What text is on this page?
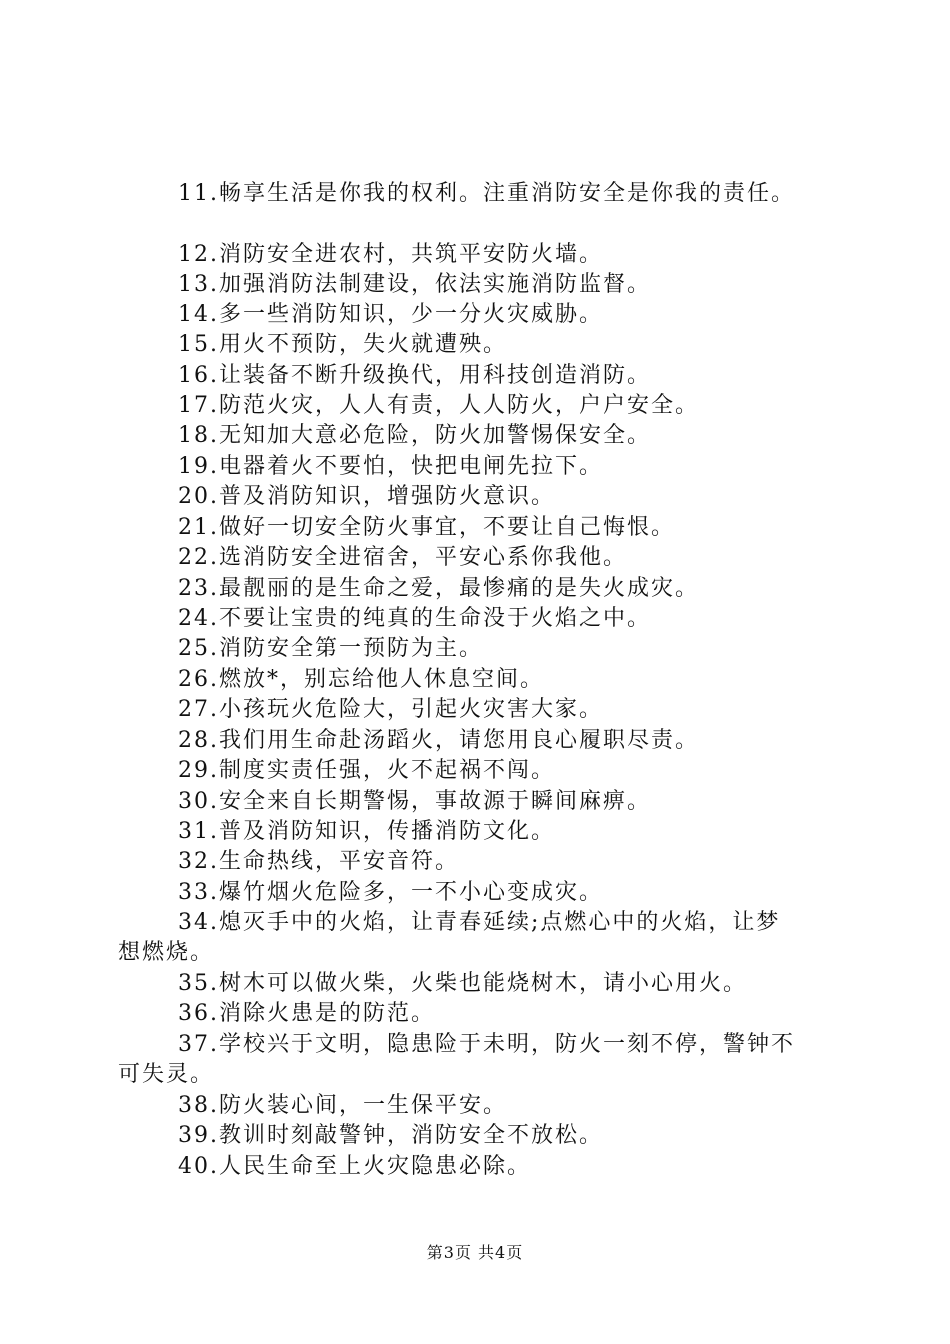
11.畅享生活是你我的权利。注重消防安全是你我的责任。
12.消防安全进农村，共筑平安防火墙。
13.加强消防法制建设，依法实施消防监督。
14.多一些消防知识，少一分火灾威胁。
15.用火不预防，失火就遭殃。
16.让装备不断升级换代，用科技创造消防。
17.防范火灾，人人有责，人人防火，户户安全。
18.无知加大意必危险，防火加警惕保安全。
19.电器着火不要怕，快把电闸先拉下。
20.普及消防知识，增强防火意识。
21.做好一切安全防火事宜，不要让自己悔恨。
22.选消防安全进宿舍，平安心系你我他。
23.最靓丽的是生命之爱，最惨痛的是失火成灾。
24.不要让宝贵的纯真的生命没于火焰之中。
25.消防安全第一预防为主。
26.燃放*，别忘给他人休息空间。
27.小孩玩火危险大，引起火灾害大家。
28.我们用生命赴汤蹈火，请您用良心履职尽责。
29.制度实责任强，火不起祸不闯。
30.安全来自长期警惕，事故源于瞬间麻痹。
31.普及消防知识，传播消防文化。
32.生命热线，平安音符。
33.爆竹烟火危险多，一不小心变成灾。
34.熄灭手中的火焰，让青春延续;点燃心中的火焰，让梦
想燃烧。
35.树木可以做火柴，火柴也能烧树木，请小心用火。
36.消除火患是的防范。
37.学校兴于文明，隐患险于未明，防火一刻不停，警钟不
可失灵。
38.防火装心间，一生保平安。
39.教训时刻敲警钟，消防安全不放松。
40.人民生命至上火灾隐患必除。
第3页 共4页
